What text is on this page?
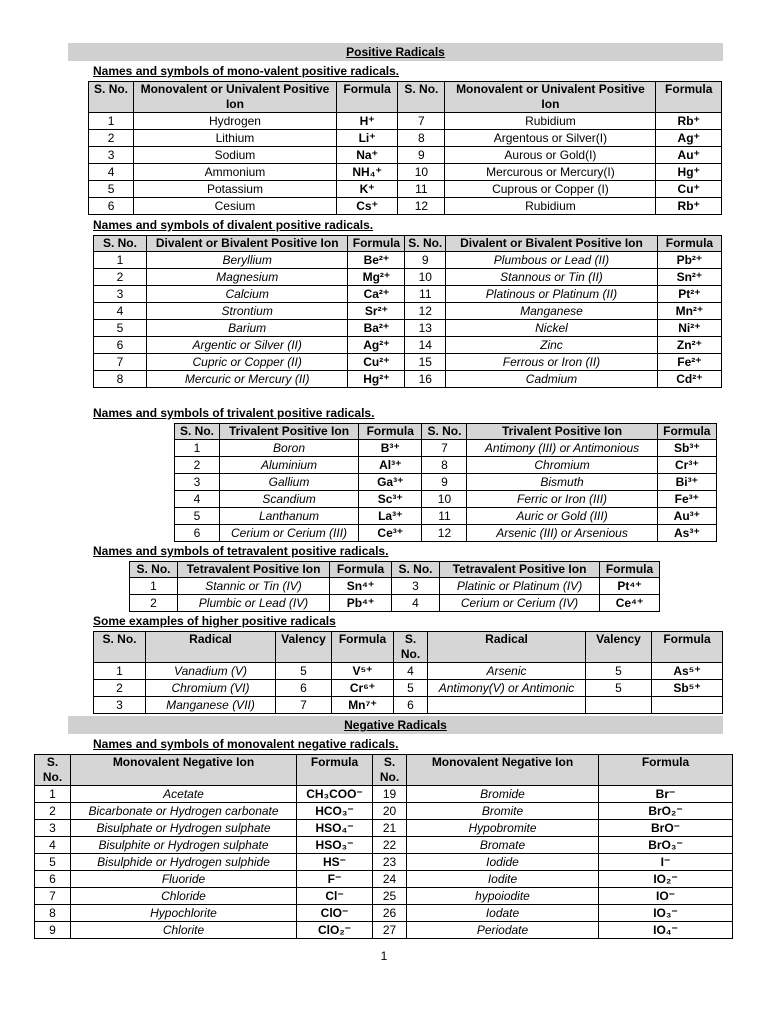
Positive Radicals
Names and symbols of mono-valent positive radicals.
S. No.	Monovalent or Univalent Positive Ion	Formula	S. No.	Monovalent or Univalent Positive Ion	Formula
1	Hydrogen	H⁺	7	Rubidium	Rb⁺
2	Lithium	Li⁺	8	Argentous or Silver(I)	Ag⁺
3	Sodium	Na⁺	9	Aurous or Gold(I)	Au⁺
4	Ammonium	NH₄⁺	10	Mercurous or Mercury(I)	Hg⁺
5	Potassium	K⁺	11	Cuprous or Copper (I)	Cu⁺
6	Cesium	Cs⁺	12	Rubidium	Rb⁺
Names and symbols of divalent positive radicals.
S. No.	Divalent or Bivalent Positive Ion	Formula	S. No.	Divalent or Bivalent Positive Ion	Formula
1	Beryllium	Be²⁺	9	Plumbous or Lead (II)	Pb²⁺
2	Magnesium	Mg²⁺	10	Stannous or Tin (II)	Sn²⁺
3	Calcium	Ca²⁺	11	Platinous or Platinum (II)	Pt²⁺
4	Strontium	Sr²⁺	12	Manganese	Mn²⁺
5	Barium	Ba²⁺	13	Nickel	Ni²⁺
6	Argentic or Silver (II)	Ag²⁺	14	Zinc	Zn²⁺
7	Cupric or Copper (II)	Cu²⁺	15	Ferrous or Iron (II)	Fe²⁺
8	Mercuric or Mercury (II)	Hg²⁺	16	Cadmium	Cd²⁺
Names and symbols of trivalent positive radicals.
S. No.	Trivalent Positive Ion	Formula	S. No.	Trivalent Positive Ion	Formula
1	Boron	B³⁺	7	Antimony (III) or Antimonious	Sb³⁺
2	Aluminium	Al³⁺	8	Chromium	Cr³⁺
3	Gallium	Ga³⁺	9	Bismuth	Bi³⁺
4	Scandium	Sc³⁺	10	Ferric or Iron (III)	Fe³⁺
5	Lanthanum	La³⁺	11	Auric or Gold (III)	Au³⁺
6	Cerium or Cerium (III)	Ce³⁺	12	Arsenic (III) or Arsenious	As³⁺
Names and symbols of tetravalent positive radicals.
S. No.	Tetravalent Positive Ion	Formula	S. No.	Tetravalent Positive Ion	Formula
1	Stannic or Tin (IV)	Sn⁴⁺	3	Platinic or Platinum (IV)	Pt⁴⁺
2	Plumbic or Lead (IV)	Pb⁴⁺	4	Cerium or Cerium (IV)	Ce⁴⁺
Some examples of higher positive radicals
S. No.	Radical	Valency	Formula	S. No.	Radical	Valency	Formula
1	Vanadium (V)	5	V⁵⁺	4	Arsenic	5	As⁵⁺
2	Chromium (VI)	6	Cr⁶⁺	5	Antimony(V) or Antimonic	5	Sb⁵⁺
3	Manganese (VII)	7	Mn⁷⁺	6			
Negative Radicals
Names and symbols of monovalent negative radicals.
S. No.	Monovalent Negative Ion	Formula	S. No.	Monovalent Negative Ion	Formula
1	Acetate	CH₃COO⁻	19	Bromide	Br⁻
2	Bicarbonate or Hydrogen carbonate	HCO₃⁻	20	Bromite	BrO₂⁻
3	Bisulphate or Hydrogen sulphate	HSO₄⁻	21	Hypobromite	BrO⁻
4	Bisulphite or Hydrogen sulphate	HSO₃⁻	22	Bromate	BrO₃⁻
5	Bisulphide or Hydrogen sulphide	HS⁻	23	Iodide	I⁻
6	Fluoride	F⁻	24	Iodite	IO₂⁻
7	Chloride	Cl⁻	25	hypoiodite	IO⁻
8	Hypochlorite	ClO⁻	26	Iodate	IO₃⁻
9	Chlorite	ClO₂⁻	27	Periodate	IO₄⁻
1
